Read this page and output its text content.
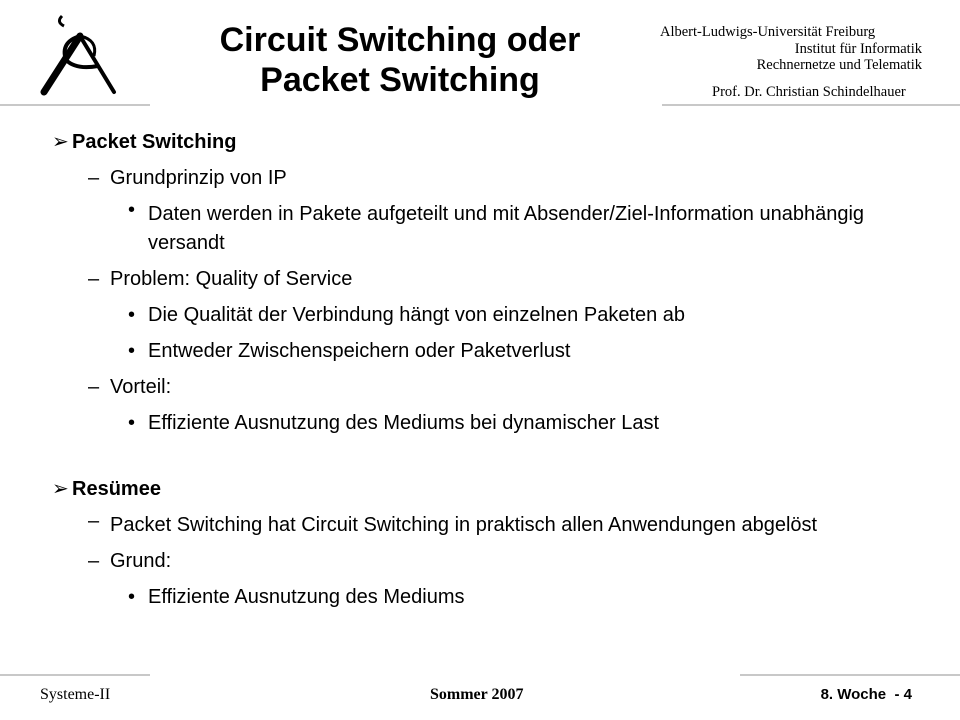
Circuit Switching oder
Packet Switching
Albert-Ludwigs-Universität Freiburg
Institut für Informatik
Rechnernetze und Telematik
Prof. Dr. Christian Schindelhauer
➢ Packet Switching
– Grundprinzip von IP
• Daten werden in Pakete aufgeteilt und mit Absender/Ziel-Information unabhängig versandt
– Problem: Quality of Service
• Die Qualität der Verbindung hängt von einzelnen Paketen ab
• Entweder Zwischenspeichern oder Paketverlust
– Vorteil:
• Effiziente Ausnutzung des Mediums bei dynamischer Last
➢ Resümee
– Packet Switching hat Circuit Switching in praktisch allen Anwendungen abgelöst
– Grund:
• Effiziente Ausnutzung des Mediums
Systeme-II	Sommer 2007	8. Woche  - 4
